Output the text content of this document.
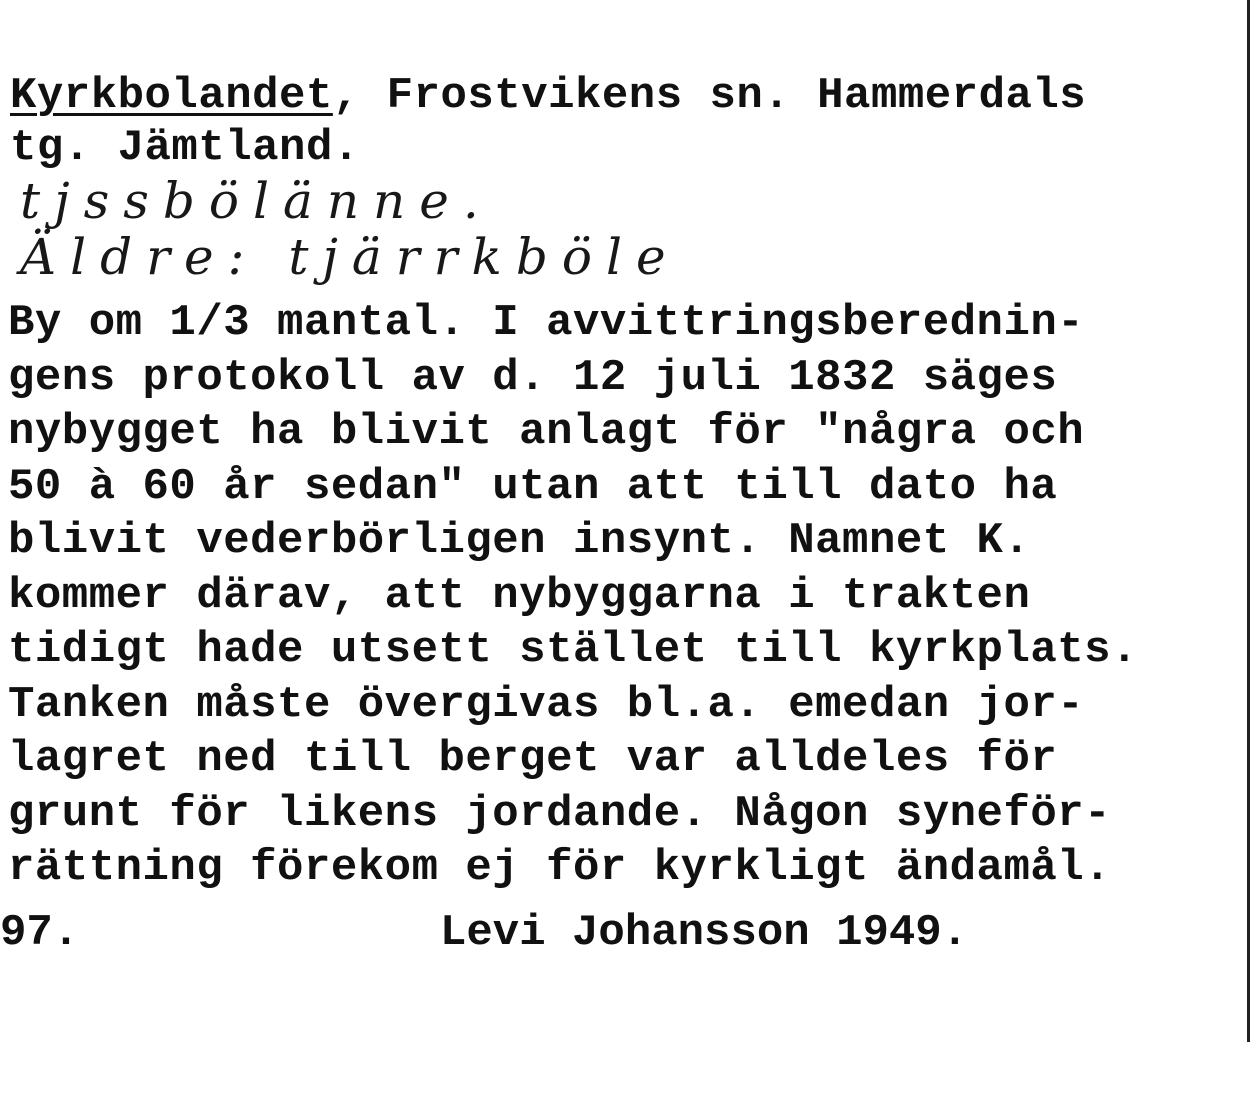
Kyrkbolandet, Frostvikens sn. Hammerdals
tg. Jämtland.
tjssbölänne.
Äldre: tjärrkböle
By om 1/3 mantal. I avvittringsberednin-
gens protokoll av d. 12 juli 1832 säges
nybygget ha blivit anlagt för "några och
50 à 60 år sedan" utan att till dato ha
blivit vederbörligen insynt. Namnet K.
kommer därav, att nybyggarna i trakten
tidigt hade utsett stället till kyrkplats.
Tanken måste övergivas bl.a. emedan jor-
lagret ned till berget var alldeles för
grunt för likens jordande. Någon syneför-
rättning förekom ej för kyrkligt ändamål.

97.

	Levi Johansson 1949.
